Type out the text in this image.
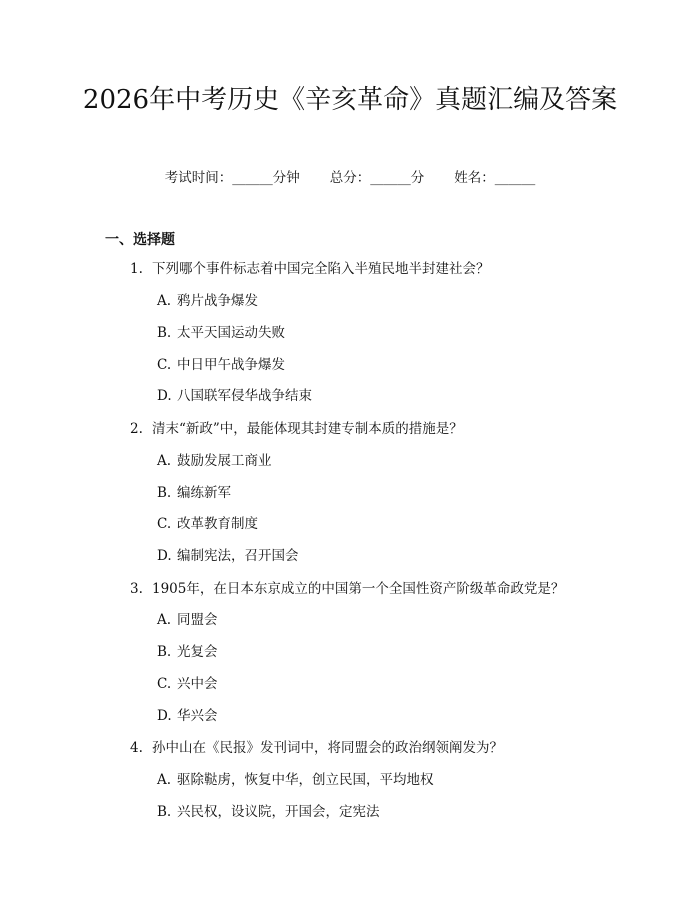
2026年中考历史《辛亥革命》真题汇编及答案
考试时间：______分钟 总分：______分 姓名：______
一、选择题
1. 下列哪个事件标志着中国完全陷入半殖民地半封建社会？
A. 鸦片战争爆发
B. 太平天国运动失败
C. 中日甲午战争爆发
D. 八国联军侵华战争结束
2. 清末“新政”中，最能体现其封建专制本质的措施是？
A. 鼓励发展工商业
B. 编练新军
C. 改革教育制度
D. 编制宪法，召开国会
3. 1905年，在日本东京成立的中国第一个全国性资产阶级革命政党是？
A. 同盟会
B. 光复会
C. 兴中会
D. 华兴会
4. 孙中山在《民报》发刊词中，将同盟会的政治纲领阐发为？
A. 驱除鞑虏，恢复中华，创立民国，平均地权
B. 兴民权，设议院，开国会，定宪法
